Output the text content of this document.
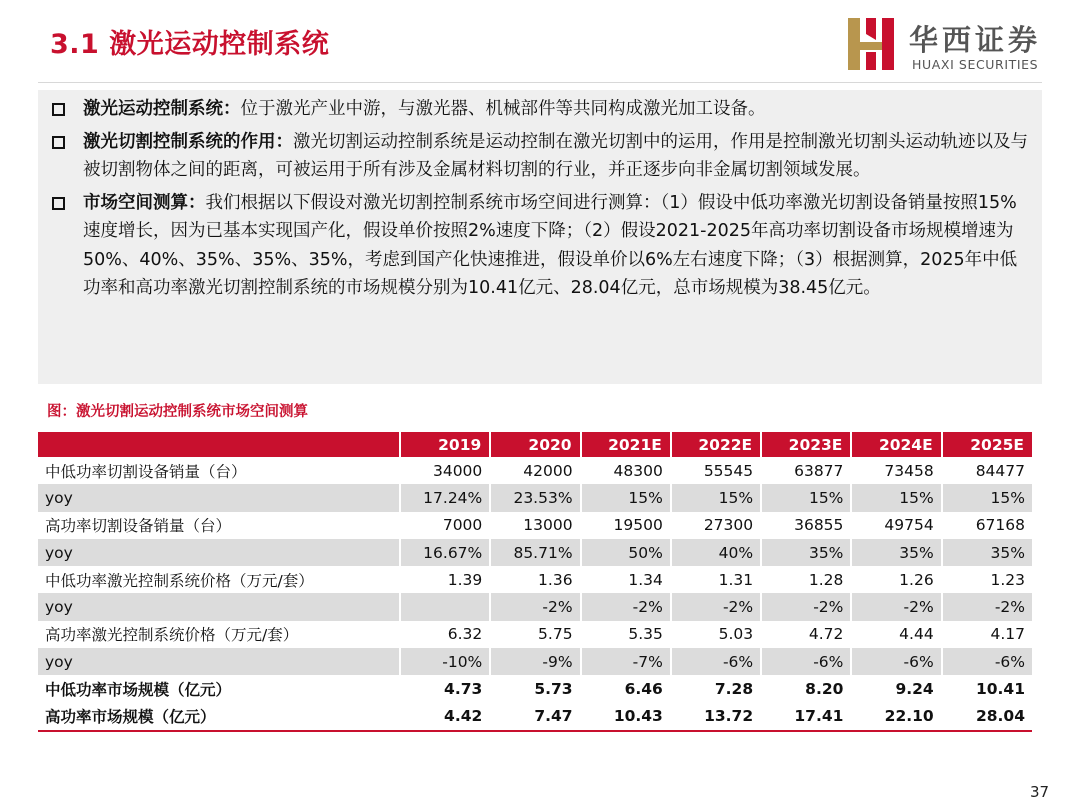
3.1 激光运动控制系统	华西证券
HUAXI SECURITIES
激光运动控制系统：位于激光产业中游，与激光器、机械部件等共同构成激光加工设备。
激光切割控制系统的作用：激光切割运动控制系统是运动控制在激光切割中的运用，作用是控制激光切割头运动轨迹以及与被切割物体之间的距离，可被运用于所有涉及金属材料切割的行业，并正逐步向非金属切割领域发展。
市场空间测算：我们根据以下假设对激光切割控制系统市场空间进行测算：（1）假设中低功率激光切割设备销量按照15%速度增长，因为已基本实现国产化，假设单价按照2%速度下降；（2）假设2021-2025年高功率切割设备市场规模增速为50%、40%、35%、35%、35%，考虑到国产化快速推进，假设单价以6%左右速度下降；（3）根据测算，2025年中低功率和高功率激光切割控制系统的市场规模分别为10.41亿元、28.04亿元，总市场规模为38.45亿元。
图：激光切割运动控制系统市场空间测算
	2019	2020	2021E	2022E	2023E	2024E	2025E
中低功率切割设备销量（台）	34000	42000	48300	55545	63877	73458	84477
yoy	17.24%	23.53%	15%	15%	15%	15%	15%
高功率切割设备销量（台）	7000	13000	19500	27300	36855	49754	67168
yoy	16.67%	85.71%	50%	40%	35%	35%	35%
中低功率激光控制系统价格（万元/套）	1.39	1.36	1.34	1.31	1.28	1.26	1.23
yoy		-2%	-2%	-2%	-2%	-2%	-2%
高功率激光控制系统价格（万元/套）	6.32	5.75	5.35	5.03	4.72	4.44	4.17
yoy	-10%	-9%	-7%	-6%	-6%	-6%	-6%
中低功率市场规模（亿元）	4.73	5.73	6.46	7.28	8.20	9.24	10.41
高功率市场规模（亿元）	4.42	7.47	10.43	13.72	17.41	22.10	28.04
37
